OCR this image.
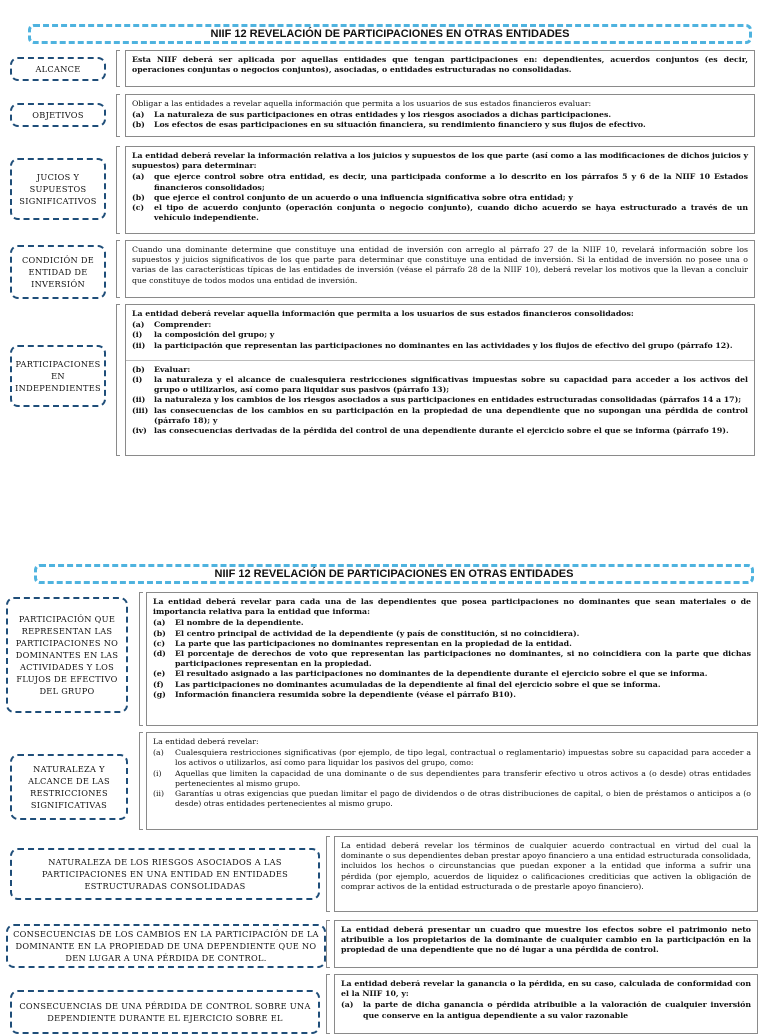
NIIF 12 REVELACIÓN DE PARTICIPACIONES EN OTRAS ENTIDADES
ALCANCE

Esta NIIF deberá ser aplicada por aquellas entidades que tengan participaciones en: dependientes, acuerdos conjuntos (es decir, operaciones conjuntas o negocios conjuntos), asociadas, o entidades estructuradas no consolidadas.

OBJETIVOS

Obligar a las entidades a revelar aquella información que permita a los usuarios de sus estados financieros evaluar:

(a)	La naturaleza de sus participaciones en otras entidades y los riesgos asociados a dichas participaciones.
(b)	Los efectos de esas participaciones en su situación financiera, su rendimiento financiero y sus flujos de efectivo.
JUCIOS Y SUPUESTOS SIGNIFICATIVOS

La entidad deberá revelar la información relativa a los juicios y supuestos de los que parte (así como a las modificaciones de dichos juicios y supuestos) para determinar:

(a)	que ejerce control sobre otra entidad, es decir, una participada conforme a lo descrito en los párrafos 5 y 6 de la NIIF 10 Estados financieros consolidados;
(b)	que ejerce el control conjunto de un acuerdo o una influencia significativa sobre otra entidad; y
(c)	el tipo de acuerdo conjunto (operación conjunta o negocio conjunto), cuando dicho acuerdo se haya estructurado a través de un vehículo independiente.
CONDICIÓN DE ENTIDAD DE INVERSIÓN

Cuando una dominante determine que constituye una entidad de inversión con arreglo al párrafo 27 de la NIIF 10, revelará información sobre los supuestos y juicios significativos de los que parte para determinar que constituye una entidad de inversión. Si la entidad de inversión no posee una o varias de las características típicas de las entidades de inversión (véase el párrafo 28 de la NIIF 10), deberá revelar los motivos que la llevan a concluir que constituye de todos modos una entidad de inversión.

PARTICIPACIONES EN INDEPENDIENTES

La entidad deberá revelar aquella información que permita a los usuarios de sus estados financieros consolidados:

(a)	Comprender:
(i)	la composición del grupo; y
(ii)	la participación que representan las participaciones no dominantes en las actividades y los flujos de efectivo del grupo (párrafo 12).
(b)	Evaluar:
(i)	la naturaleza y el alcance de cualesquiera restricciones significativas impuestas sobre su capacidad para acceder a los activos del grupo o utilizarlos, así como para liquidar sus pasivos (párrafo 13);
(ii)	la naturaleza y los cambios de los riesgos asociados a sus participaciones en entidades estructuradas consolidadas (párrafos 14 a 17);
(iii) las consecuencias de los cambios en su participación en la propiedad de una dependiente que no supongan una pérdida de control (párrafo 18); y
(iv) las consecuencias derivadas de la pérdida del control de una dependiente durante el ejercicio sobre el que se informa (párrafo 19).
NIIF 12 REVELACIÓN DE PARTICIPACIONES EN OTRAS ENTIDADES
PARTICIPACIÓN QUE REPRESENTAN LAS PARTICIPACIONES NO DOMINANTES EN LAS ACTIVIDADES Y LOS FLUJOS DE EFECTIVO DEL GRUPO

La entidad deberá revelar para cada una de las dependientes que posea participaciones no dominantes que sean materiales o de importancia relativa para la entidad que informa:

(a)	El nombre de la dependiente.
(b)	El centro principal de actividad de la dependiente (y país de constitución, si no coincidiera).
(c)	La parte que las participaciones no dominantes representan en la propiedad de la entidad.
(d)	El porcentaje de derechos de voto que representan las participaciones no dominantes, si no coincidiera con la parte que dichas participaciones representan en la propiedad.
(e)	El resultado asignado a las participaciones no dominantes de la dependiente durante el ejercicio sobre el que se informa.
(f)	Las participaciones no dominantes acumuladas de la dependiente al final del ejercicio sobre el que se informa.
(g)	Información financiera resumida sobre la dependiente (véase el párrafo B10).
NATURALEZA Y ALCANCE DE LAS RESTRICCIONES SIGNIFICATIVAS

La entidad deberá revelar:

(a)	Cualesquiera restricciones significativas (por ejemplo, de tipo legal, contractual o reglamentario) impuestas sobre su capacidad para acceder a los activos o utilizarlos, así como para liquidar los pasivos del grupo, como:
(i)	Aquellas que limiten la capacidad de una dominante o de sus dependientes para transferir efectivo u otros activos a (o desde) otras entidades pertenecientes al mismo grupo.
(ii)	Garantías u otras exigencias que puedan limitar el pago de dividendos o de otras distribuciones de capital, o bien de préstamos o anticipos a (o desde) otras entidades pertenecientes al mismo grupo.
NATURALEZA DE LOS RIESGOS ASOCIADOS A LAS PARTICIPACIONES EN UNA ENTIDAD EN ENTIDADES ESTRUCTURADAS CONSOLIDADAS

La entidad deberá revelar los términos de cualquier acuerdo contractual en virtud del cual la dominante o sus dependientes deban prestar apoyo financiero a una entidad estructurada consolidada, incluidos los hechos o circunstancias que puedan exponer a la entidad que informa a sufrir una pérdida (por ejemplo, acuerdos de liquidez o calificaciones crediticias que activen la obligación de comprar activos de la entidad estructurada o de prestarle apoyo financiero).

CONSECUENCIAS DE LOS CAMBIOS EN LA PARTICIPACIÓN DE LA DOMINANTE EN LA PROPIEDAD DE UNA DEPENDIENTE QUE NO DEN LUGAR A UNA PÉRDIDA DE CONTROL.

La entidad deberá presentar un cuadro que muestre los efectos sobre el patrimonio neto atribuible a los propietarios de la dominante de cualquier cambio en la participación en la propiedad de una dependiente que no dé lugar a una pérdida de control.

CONSECUENCIAS DE UNA PÉRDIDA DE CONTROL SOBRE UNA DEPENDIENTE DURANTE EL EJERCICIO SOBRE EL

La entidad deberá revelar la ganancia o la pérdida, en su caso, calculada de conformidad con el la NIIF 10, y:

(a)	la parte de dicha ganancia o pérdida atribuible a la valoración de cualquier inversión que conserve en la antigua dependiente a su valor razonable
